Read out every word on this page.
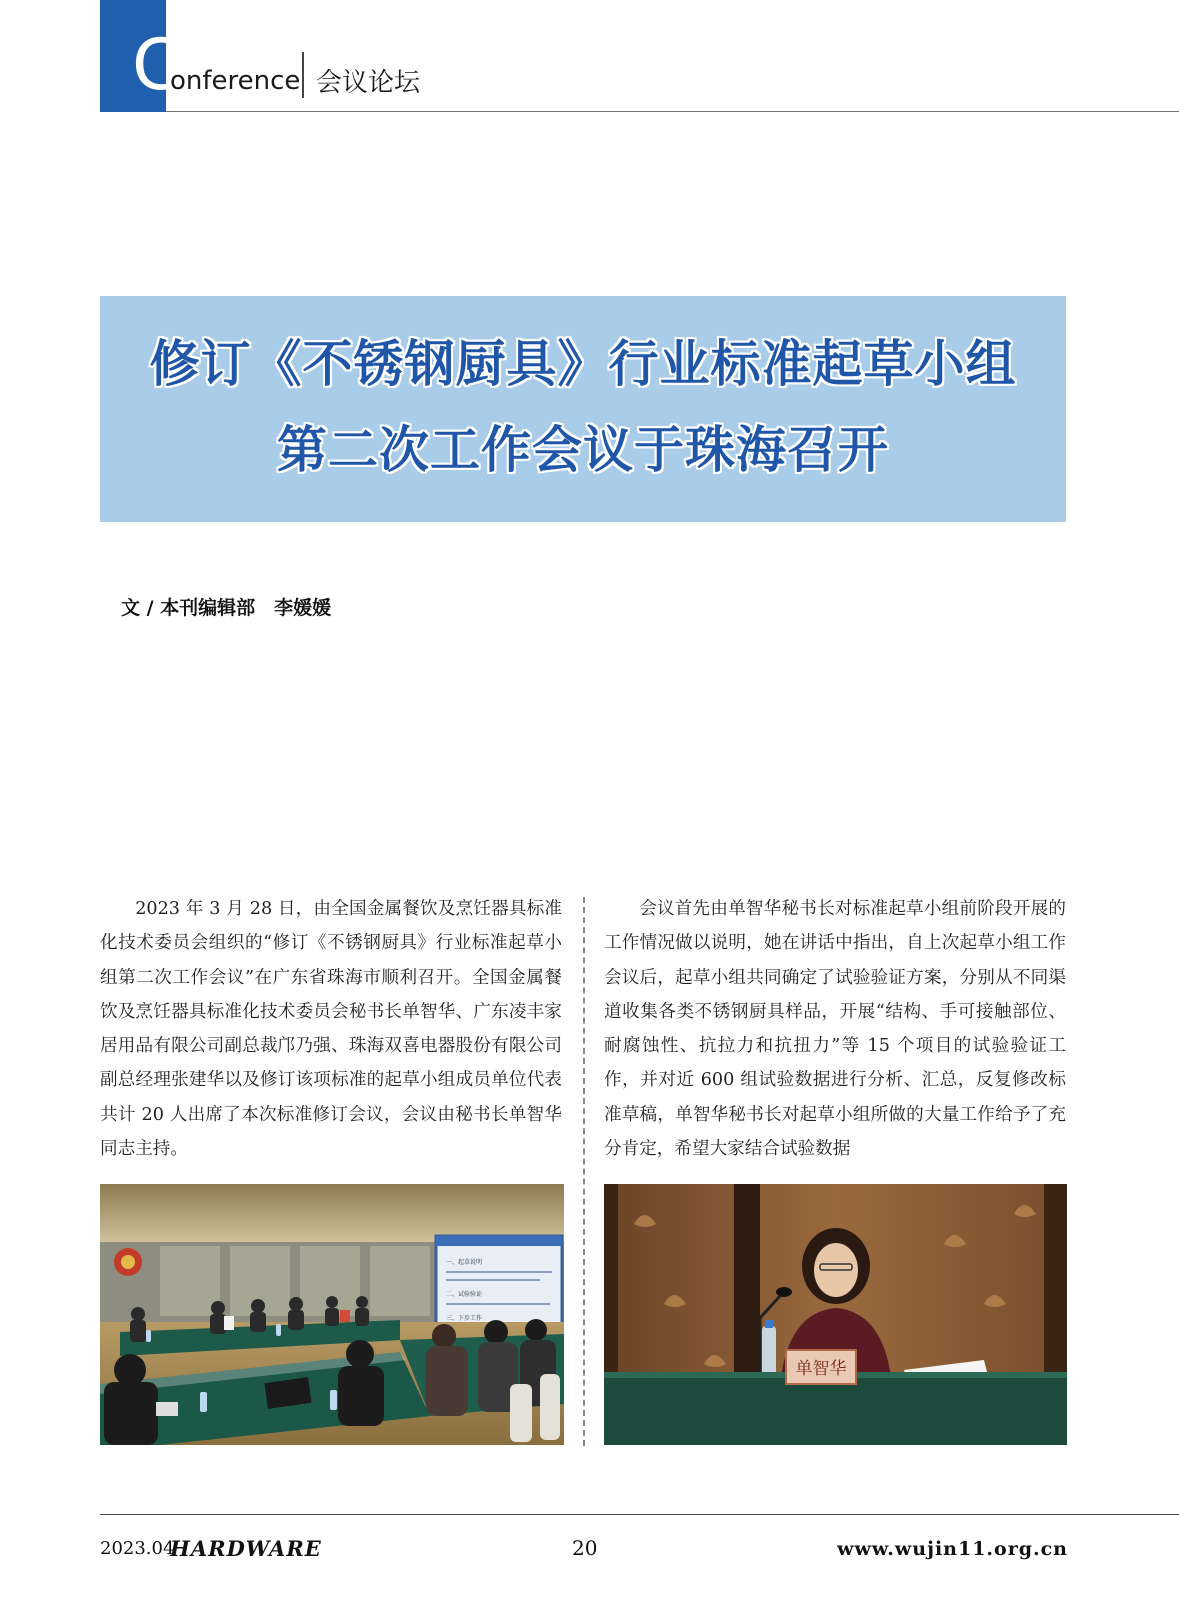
C
onference 会议论坛
修订《不锈钢厨具》行业标准起草小组
第二次工作会议于珠海召开
文 / 本刊编辑部　李媛媛

2023 年 3 月 28 日，由全国金属餐饮及烹饪器具标准化技术委员会组织的“修订《不锈钢厨具》行业标准起草小组第二次工作会议”在广东省珠海市顺利召开。全国金属餐饮及烹饪器具标准化技术委员会秘书长单智华、广东凌丰家居用品有限公司副总裁邝乃强、珠海双喜电器股份有限公司副总经理张建华以及修订该项标准的起草小组成员单位代表共计 20 人出席了本次标准修订会议，会议由秘书长单智华同志主持。

会议首先由单智华秘书长对标准起草小组前阶段开展的工作情况做以说明，她在讲话中指出，自上次起草小组工作会议后，起草小组共同确定了试验验证方案，分别从不同渠道收集各类不锈钢厨具样品，开展“结构、手可接触部位、耐腐蚀性、抗拉力和抗扭力”等 15 个项目的试验验证工作，并对近 600 组试验数据进行分析、汇总，反复修改标准草稿，单智华秘书长对起草小组所做的大量工作给予了充分肯定，希望大家结合试验数据

一、起草说明
二、试验验证
三、下步工作
单智华
2023.04
HARDWARE	20	www.wujin11.org.cn
